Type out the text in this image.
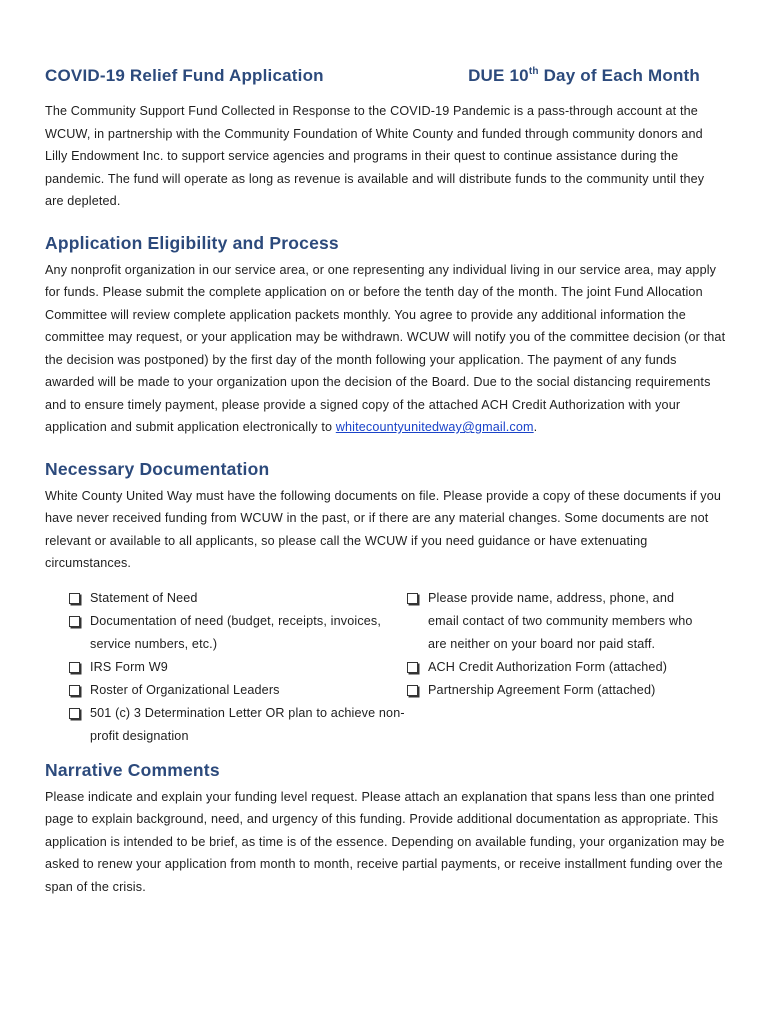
COVID-19 Relief Fund Application	DUE 10th Day of Each Month

The Community Support Fund Collected in Response to the COVID-19 Pandemic is a pass-through account at the WCUW, in partnership with the Community Foundation of White County and funded through community donors and Lilly Endowment Inc. to support service agencies and programs in their quest to continue assistance during the pandemic. The fund will operate as long as revenue is available and will distribute funds to the community until they are depleted.

Application Eligibility and Process

Any nonprofit organization in our service area, or one representing any individual living in our service area, may apply for funds. Please submit the complete application on or before the tenth day of the month. The joint Fund Allocation Committee will review complete application packets monthly. You agree to provide any additional information the committee may request, or your application may be withdrawn. WCUW will notify you of the committee decision (or that the decision was postponed) by the first day of the month following your application. The payment of any funds awarded will be made to your organization upon the decision of the Board. Due to the social distancing requirements and to ensure timely payment, please provide a signed copy of the attached ACH Credit Authorization with your application and submit application electronically to whitecountyunitedway@gmail.com.

Necessary Documentation

White County United Way must have the following documents on file. Please provide a copy of these documents if you have never received funding from WCUW in the past, or if there are any material changes. Some documents are not relevant or available to all applicants, so please call the WCUW if you need guidance or have extenuating circumstances.

Statement of Need
Documentation of need (budget, receipts, invoices, service numbers, etc.)
IRS Form W9
Roster of Organizational Leaders
501 (c) 3 Determination Letter OR plan to achieve non-profit designation
Please provide name, address, phone, and email contact of two community members who are neither on your board nor paid staff.
ACH Credit Authorization Form (attached)
Partnership Agreement Form (attached)
Narrative Comments

Please indicate and explain your funding level request. Please attach an explanation that spans less than one printed page to explain background, need, and urgency of this funding. Provide additional documentation as appropriate. This application is intended to be brief, as time is of the essence. Depending on available funding, your organization may be asked to renew your application from month to month, receive partial payments, or receive installment funding over the span of the crisis.
